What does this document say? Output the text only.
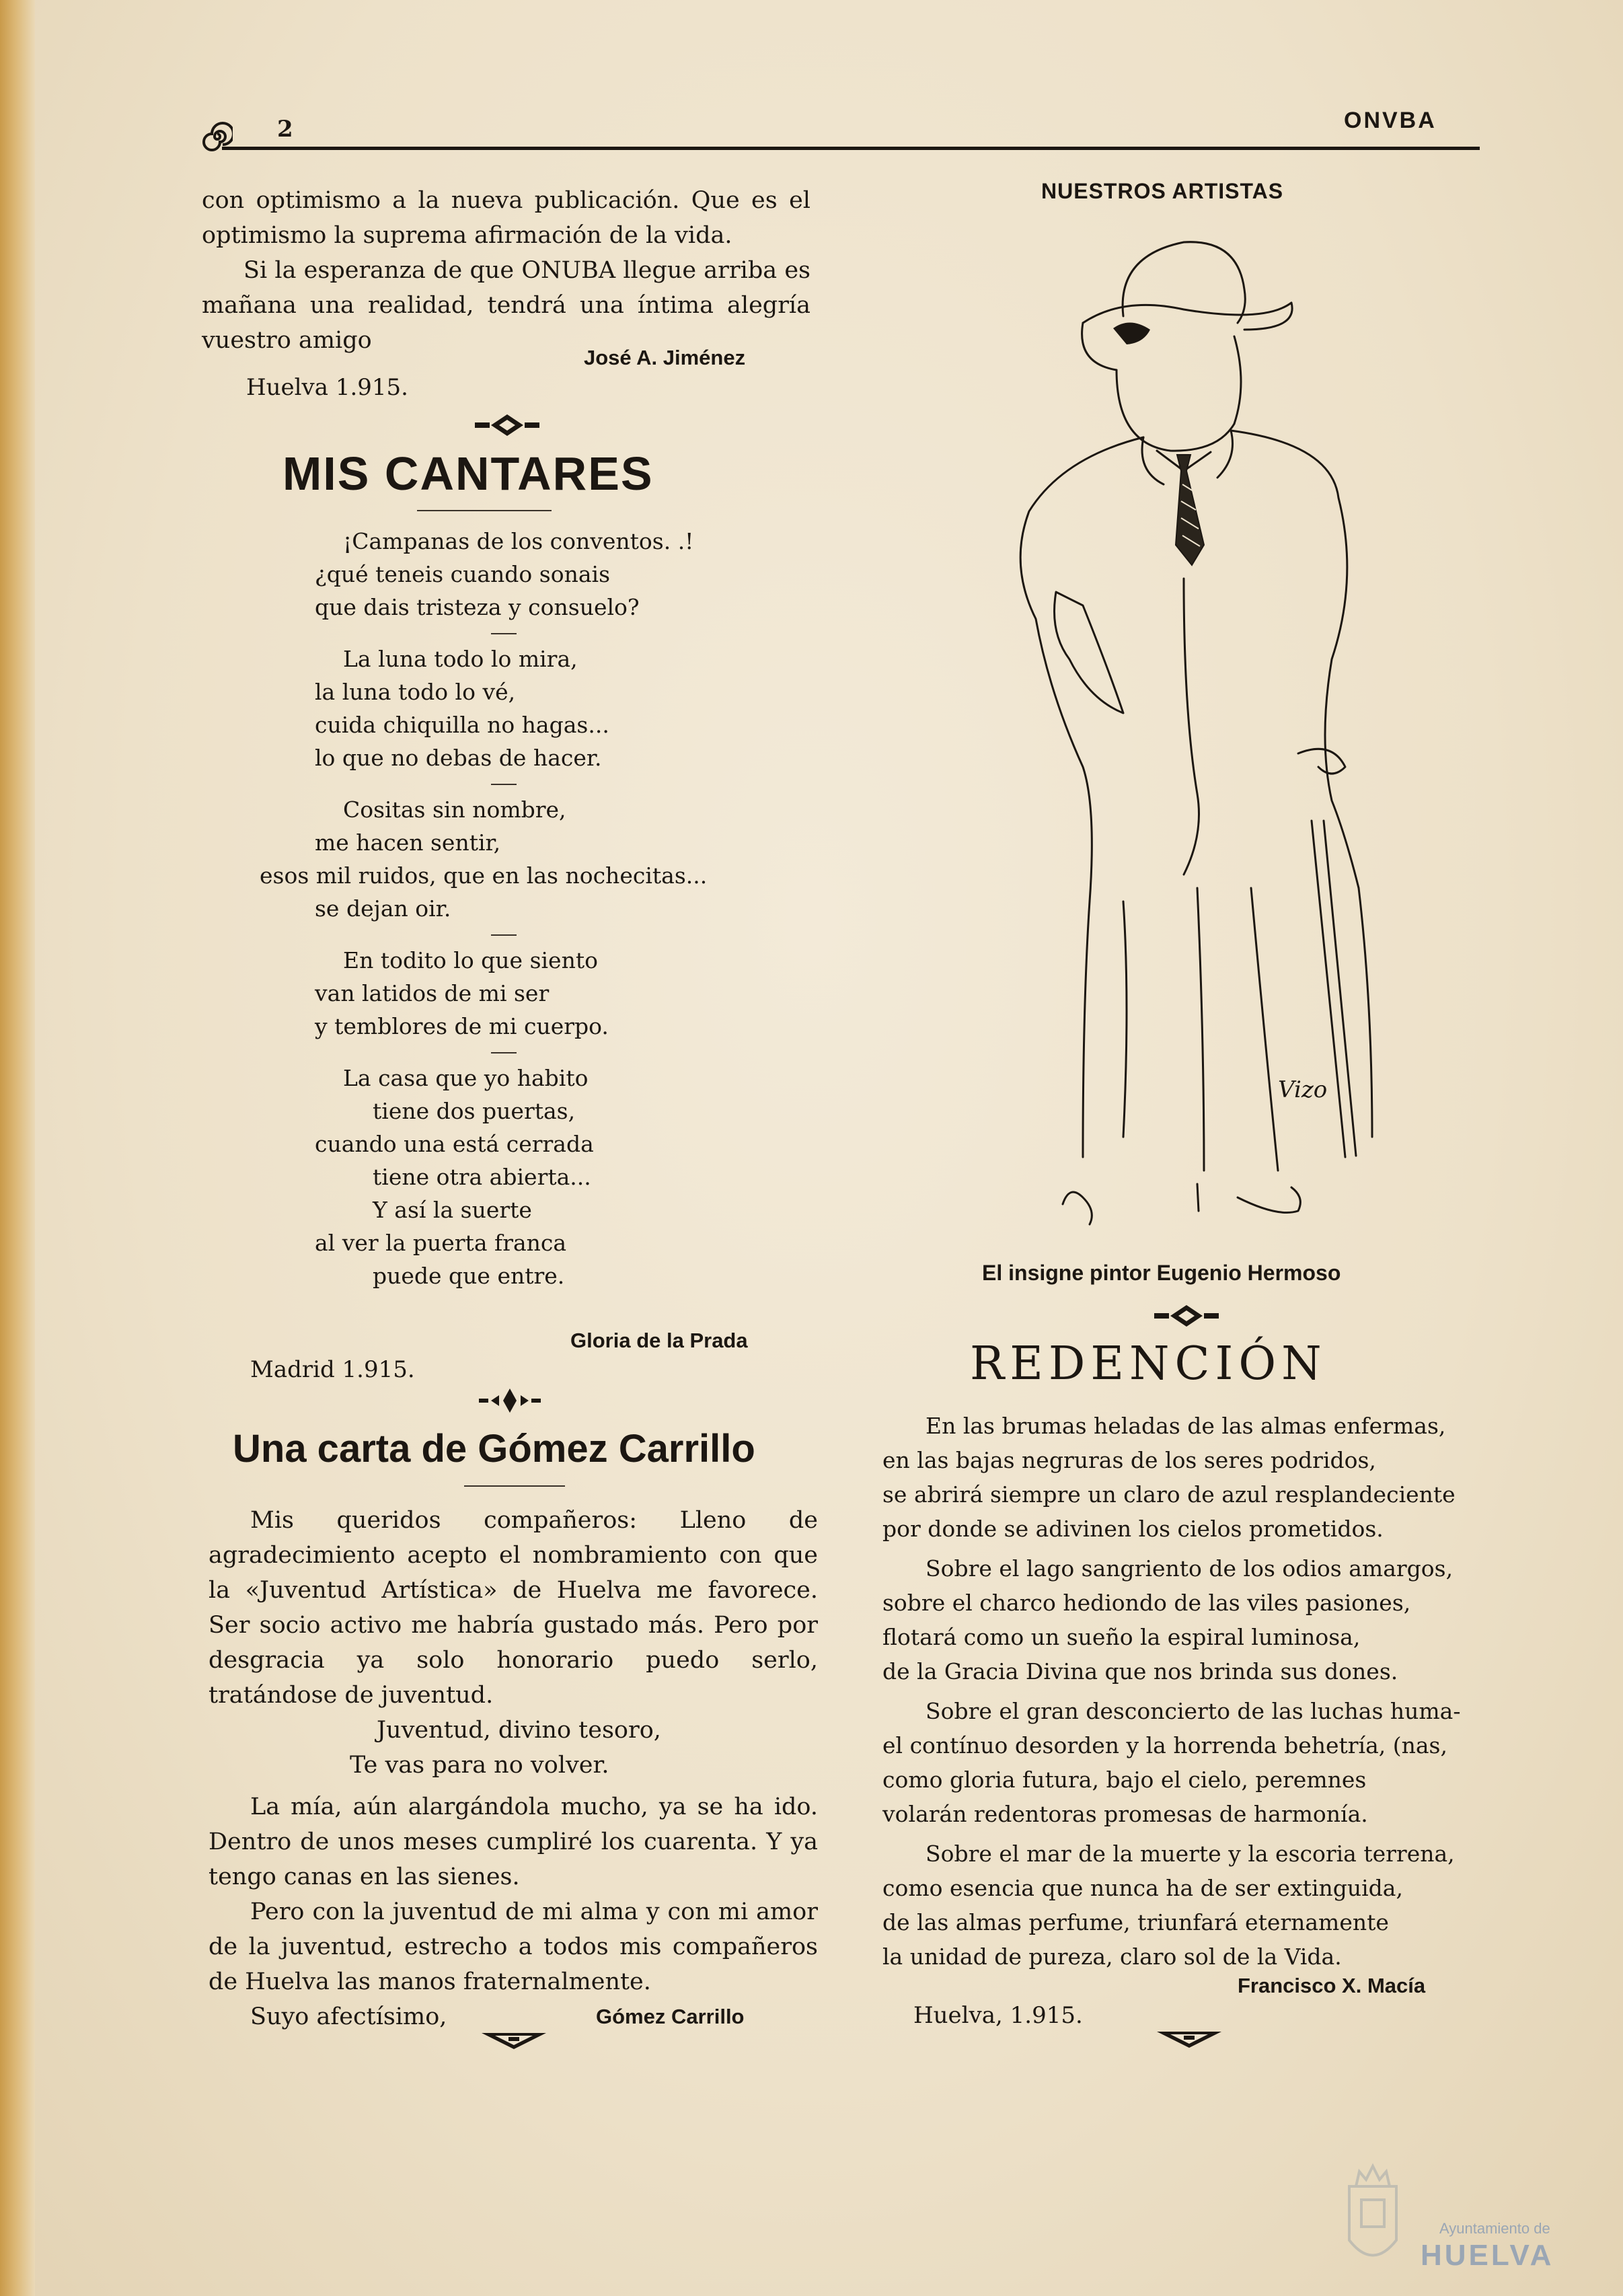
2	ONVBA

con optimismo a la nueva publicación. Que es el optimismo la suprema afirmación de la vida.

Si la esperanza de que ONUBA llegue arriba es mañana una realidad, tendrá una íntima alegría vuestro amigo

José A. Jiménez
Huelva 1.915.
MIS CANTARES
¡Campanas de los conventos. .!
¿qué teneis cuando sonais
que dais tristeza y consuelo?
La luna todo lo mira,
la luna todo lo vé,
cuida chiquilla no hagas...
lo que no debas de hacer.
Cositas sin nombre,
me hacen sentir,
esos mil ruidos, que en las nochecitas...
se dejan oir.
En todito lo que siento
van latidos de mi ser
y temblores de mi cuerpo.
La casa que yo habito
tiene dos puertas,
cuando una está cerrada
tiene otra abierta...
Y así la suerte
al ver la puerta franca
puede que entre.
Gloria de la Prada
Madrid 1.915.
Una carta de Gómez Carrillo

Mis queridos compañeros: Lleno de agradecimiento acepto el nombramiento con que la «Juventud Artística» de Huelva me favorece. Ser socio activo me habría gustado más. Pero por desgracia ya solo honorario puedo serlo, tratándose de juventud.

Juventud, divino tesoro,
Te vas para no volver.

La mía, aún alargándola mucho, ya se ha ido. Dentro de unos meses cumpliré los cuarenta. Y ya tengo canas en las sienes.

Pero con la juventud de mi alma y con mi amor de la juventud, estrecho a todos mis compañeros de Huelva las manos fraternalmente.

Suyo afectísimo,	Gómez Carrillo
NUESTROS ARTISTAS
Vizo
El insigne pintor Eugenio Hermoso
REDENCIÓN
En las brumas heladas de las almas enfermas,
en las bajas negruras de los seres podridos,
se abrirá siempre un claro de azul resplandeciente
por donde se adivinen los cielos prometidos.
Sobre el lago sangriento de los odios amargos,
sobre el charco hediondo de las viles pasiones,
flotará como un sueño la espiral luminosa,
de la Gracia Divina que nos brinda sus dones.
Sobre el gran desconcierto de las luchas huma-
el contínuo desorden y la horrenda behetría, (nas,
como gloria futura, bajo el cielo, peremnes
volarán redentoras promesas de harmonía.
Sobre el mar de la muerte y la escoria terrena,
como esencia que nunca ha de ser extinguida,
de las almas perfume, triunfará eternamente
la unidad de pureza, claro sol de la Vida.
Francisco X. Macía
Huelva, 1.915.
Ayuntamiento de
HUELVA
